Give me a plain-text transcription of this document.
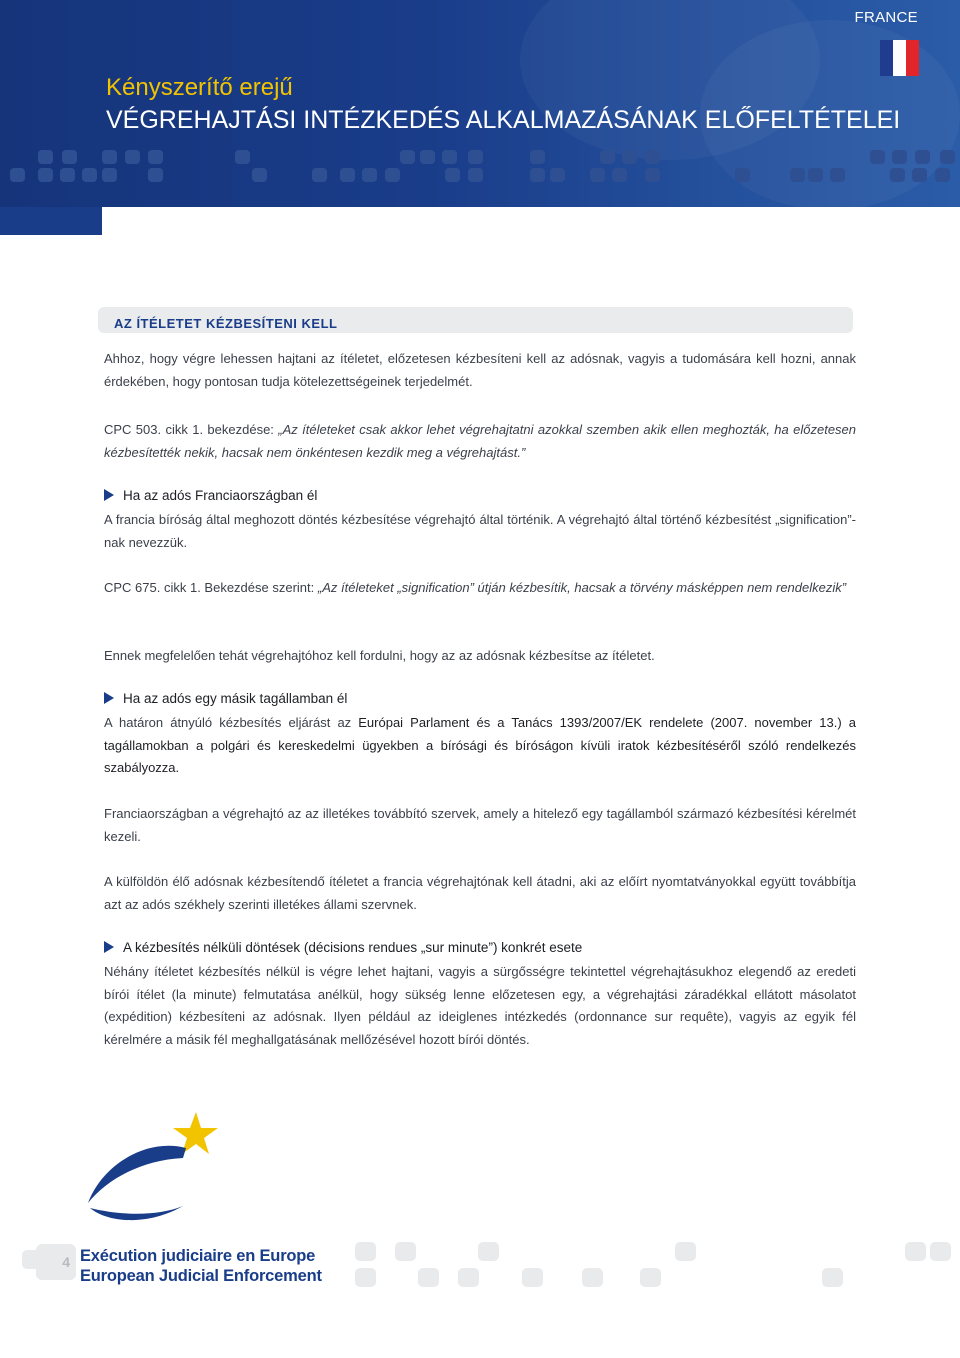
FRANCE
Kényszerítő erejű
VÉGREHAJTÁSI INTÉZKEDÉS ALKALMAZÁSÁNAK ELŐFELTÉTELEI
AZ ÍTÉLETET KÉZBESÍTENI KELL
Ahhoz, hogy végre lehessen hajtani az ítéletet, előzetesen kézbesíteni kell az adósnak, vagyis a tudomására kell hozni, annak érdekében, hogy pontosan tudja kötelezettségeinek terjedelmét.
CPC 503. cikk 1. bekezdése: „Az ítéleteket csak akkor lehet végrehajtatni azokkal szemben akik ellen meghozták, ha előzetesen kézbesítették nekik, hacsak nem önkéntesen kezdik meg a végrehajtást.”
Ha az adós Franciaországban él
A francia bíróság által meghozott döntés kézbesítése végrehajtó által történik. A végrehajtó által történő kézbesítést „signification”-nak nevezzük.
CPC 675. cikk 1. Bekezdése szerint: „Az ítéleteket „signification” útján kézbesítik, hacsak a törvény másképpen nem rendelkezik”
Ennek megfelelően tehát végrehajtóhoz kell fordulni, hogy az az adósnak kézbesítse az ítéletet.
Ha az adós egy másik tagállamban él
A határon átnyúló kézbesítés eljárást az Európai Parlament és a Tanács 1393/2007/EK rendelete (2007. november 13.) a tagállamokban a polgári és kereskedelmi ügyekben a bírósági és bíróságon kívüli iratok kézbesítéséről szóló rendelkezés szabályozza.
Franciaországban a végrehajtó az az illetékes továbbító szervek, amely a hitelező egy tagállamból származó kézbesítési kérelmét kezeli.
A külföldön élő adósnak kézbesítendő ítéletet a francia végrehajtónak kell átadni, aki az előírt nyomtatványokkal együtt továbbítja azt az adós székhely szerinti illetékes állami szervnek.
A kézbesítés nélküli döntések (décisions rendues „sur minute”) konkrét esete
Néhány ítéletet kézbesítés nélkül is végre lehet hajtani, vagyis a sürgősségre tekintettel végrehajtásukhoz elegendő az eredeti bírói ítélet (la minute) felmutatása anélkül, hogy sükség lenne előzetesen egy, a végrehajtási záradékkal ellátott másolatot (expédition) kézbesíteni az adósnak. Ilyen például az ideiglenes intézkedés (ordonnance sur requête), vagyis az egyik fél kérelmére a másik fél meghallgatásának mellőzésével hozott bírói döntés.
4 Exécution judiciaire en Europe
European Judicial Enforcement
